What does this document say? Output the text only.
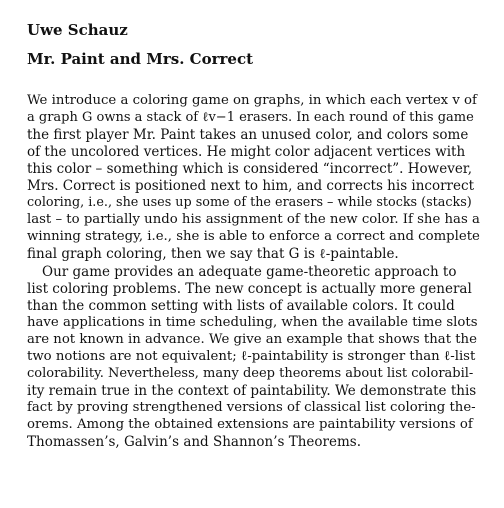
Uwe Schauz
Mr. Paint and Mrs. Correct
We introduce a coloring game on graphs, in which each vertex v of
a graph G owns a stack of ℓv−1 erasers. In each round of this game
the first player Mr. Paint takes an unused color, and colors some
of the uncolored vertices. He might color adjacent vertices with
this color – something which is considered “incorrect”. However,
Mrs. Correct is positioned next to him, and corrects his incorrect
coloring, i.e., she uses up some of the erasers – while stocks (stacks)
last – to partially undo his assignment of the new color. If she has a
winning strategy, i.e., she is able to enforce a correct and complete
final graph coloring, then we say that G is ℓ-paintable.
Our game provides an adequate game-theoretic approach to
list coloring problems. The new concept is actually more general
than the common setting with lists of available colors. It could
have applications in time scheduling, when the available time slots
are not known in advance. We give an example that shows that the
two notions are not equivalent; ℓ-paintability is stronger than ℓ-list
colorability. Nevertheless, many deep theorems about list colorabil-
ity remain true in the context of paintability. We demonstrate this
fact by proving strengthened versions of classical list coloring the-
orems. Among the obtained extensions are paintability versions of
Thomassen’s, Galvin’s and Shannon’s Theorems.
